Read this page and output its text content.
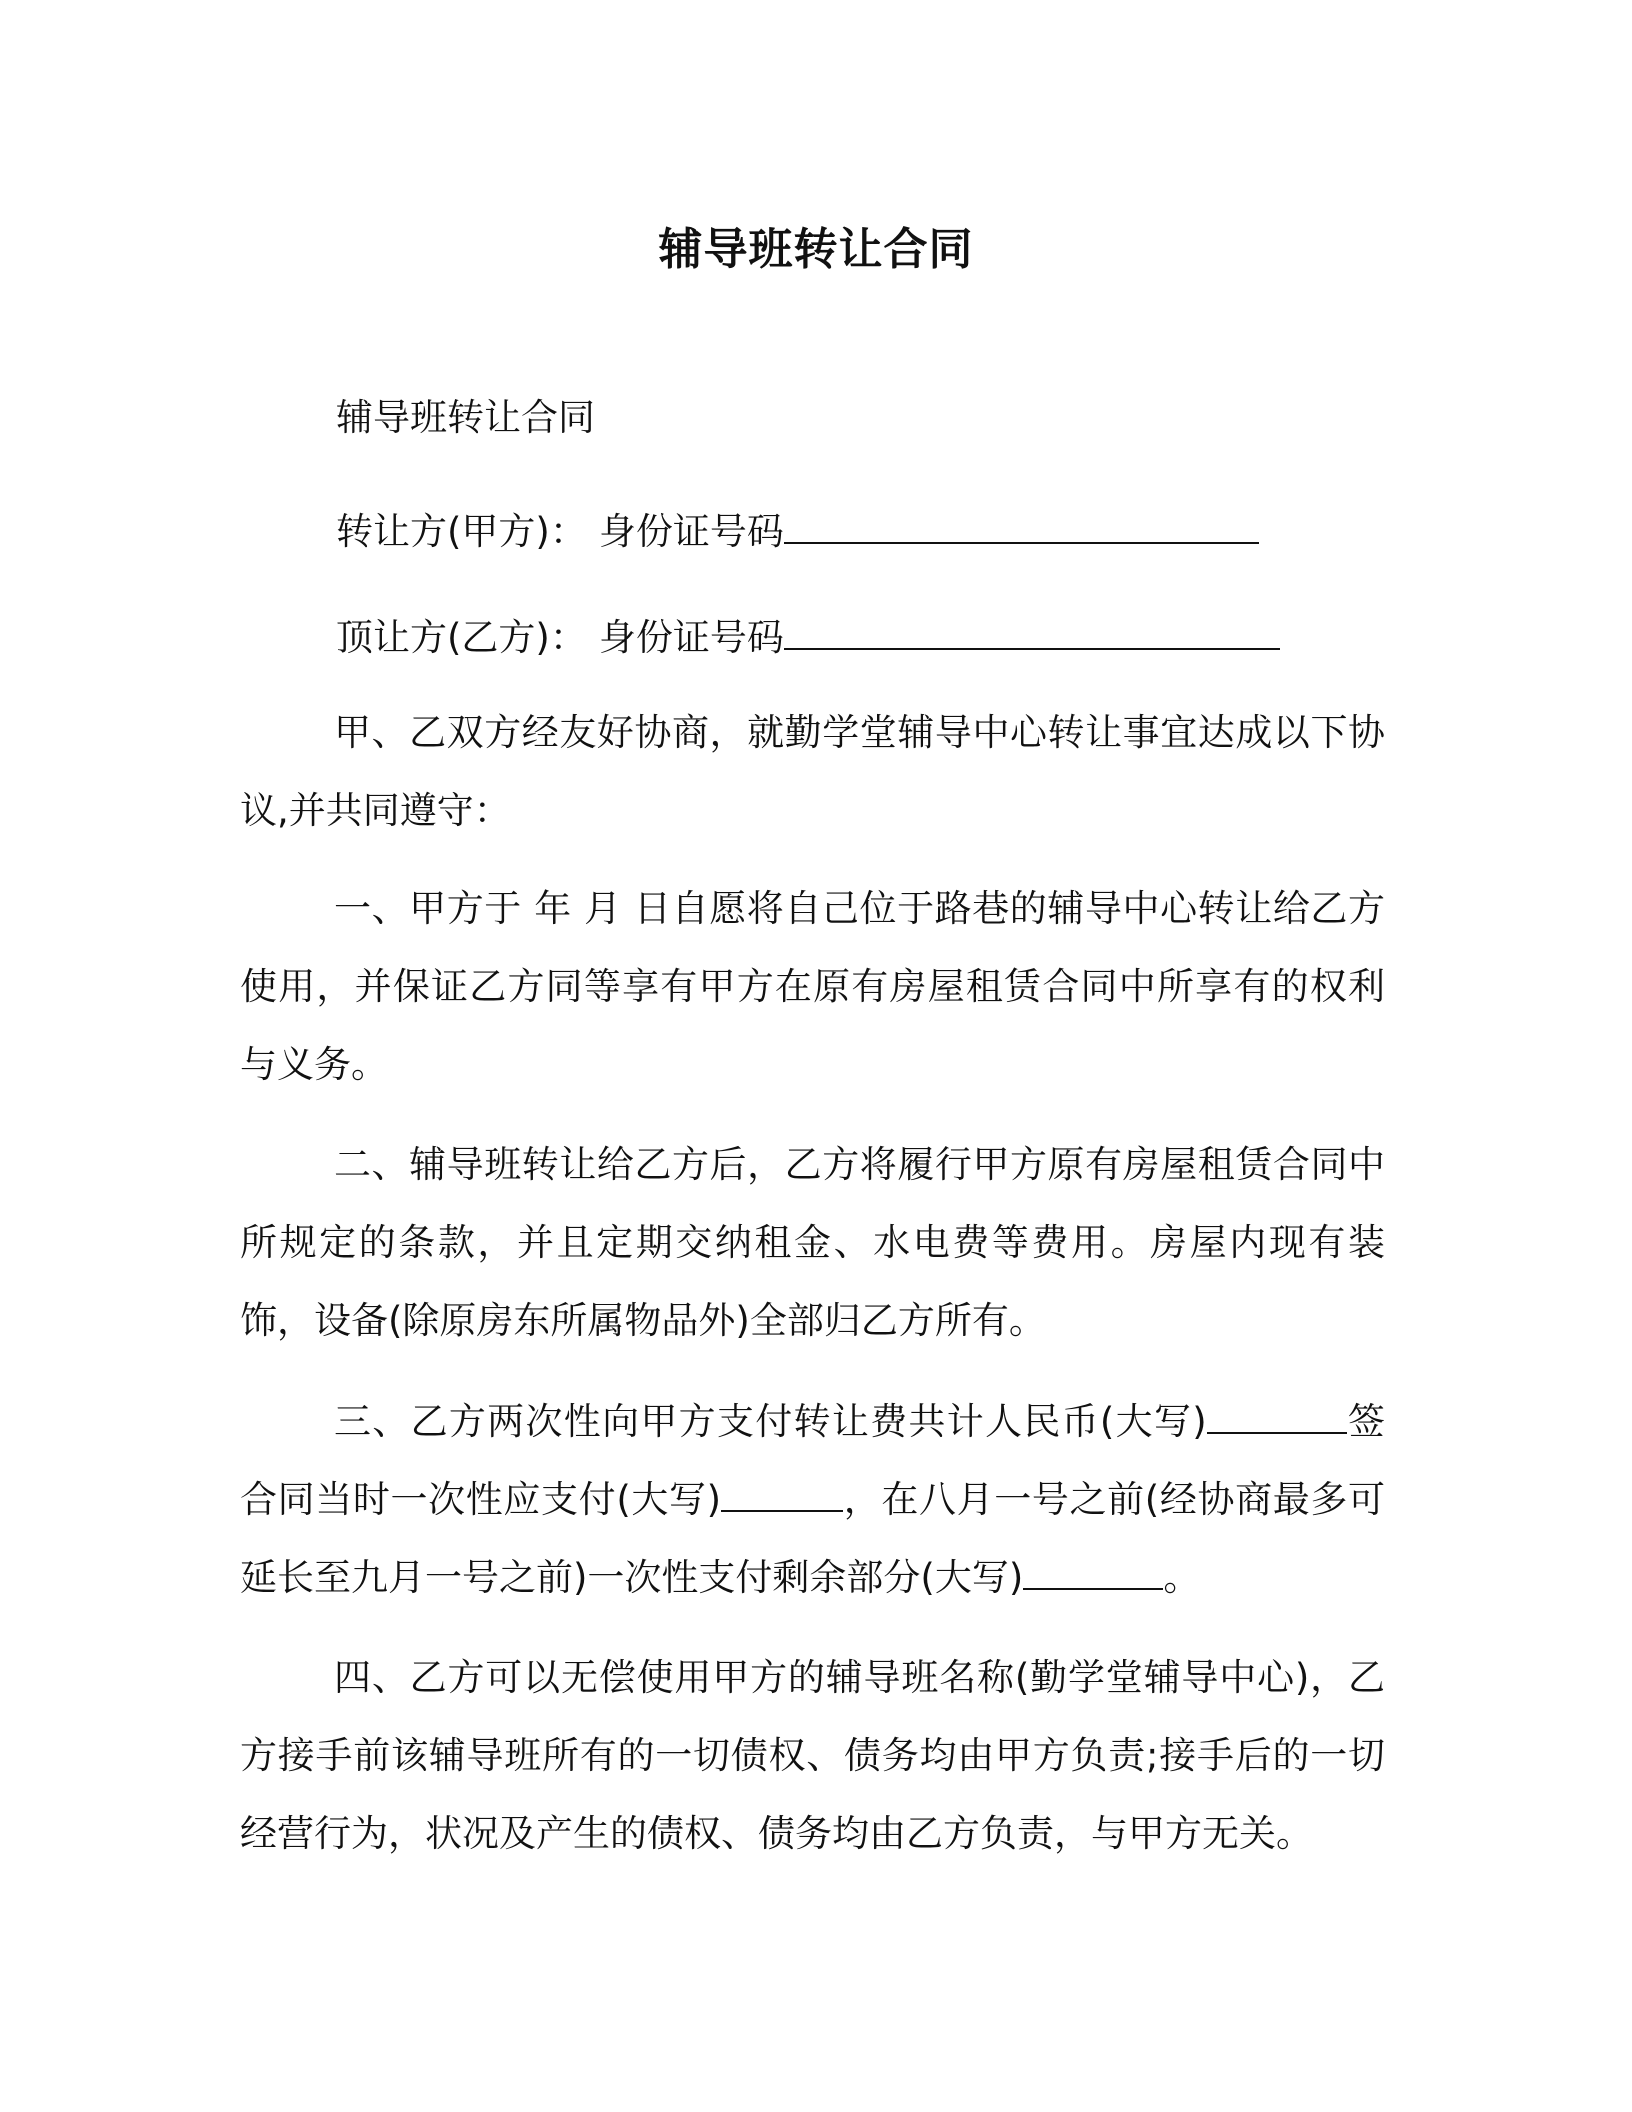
辅导班转让合同

辅导班转让合同

转让方(甲方)： 身份证号码

顶让方(乙方)： 身份证号码

甲、乙双方经友好协商，就勤学堂辅导中心转让事宜达成以下协议,并共同遵守：

一、甲方于 年 月 日自愿将自己位于路巷的辅导中心转让给乙方使用，并保证乙方同等享有甲方在原有房屋租赁合同中所享有的权利与义务。

二、辅导班转让给乙方后，乙方将履行甲方原有房屋租赁合同中所规定的条款，并且定期交纳租金、水电费等费用。房屋内现有装饰，设备(除原房东所属物品外)全部归乙方所有。

三、乙方两次性向甲方支付转让费共计人民币(大写)	签合同当时一次性应支付(大写)	，在八月一号之前(经协商最多可延长至九月一号之前)一次性支付剩余部分(大写)	。

四、乙方可以无偿使用甲方的辅导班名称(勤学堂辅导中心)，乙方接手前该辅导班所有的一切债权、债务均由甲方负责;接手后的一切经营行为，状况及产生的债权、债务均由乙方负责，与甲方无关。
